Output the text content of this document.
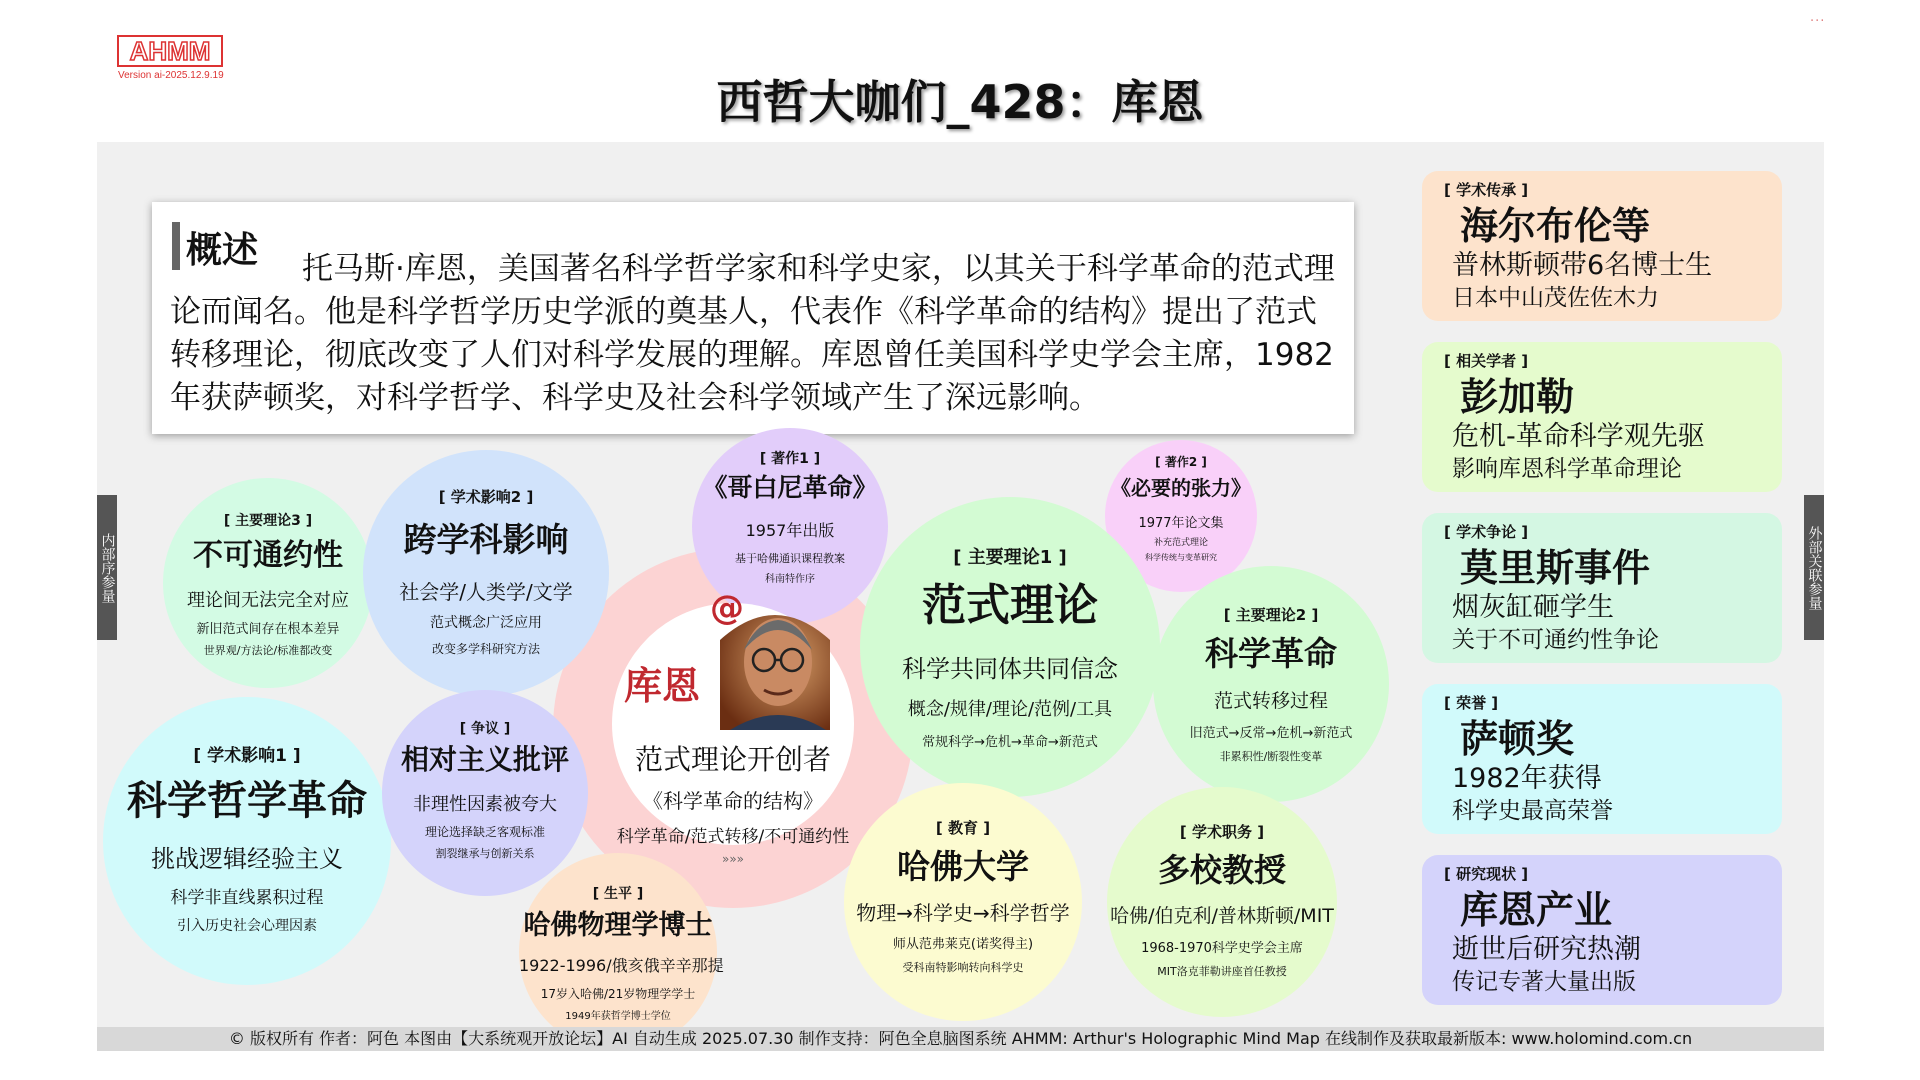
AHMM
Version ai-2025.12.9.19
...
西哲大咖们_428：库恩
概述	托马斯·库恩，美国著名科学哲学家和科学史家，以其关于科学革命的范式理论而闻名。他是科学哲学历史学派的奠基人，代表作《科学革命的结构》提出了范式转移理论，彻底改变了人们对科学发展的理解。库恩曾任美国科学史学会主席，1982年获萨顿奖，对科学哲学、科学史及社会科学领域产生了深远影响。
内部序参量	外部关联参量
[ 著作1 ]
《哥白尼革命》
1957年出版
基于哈佛通识课程教案
科南特作序
[ 著作2 ]
《必要的张力》
1977年论文集
补充范式理论
科学传统与变革研究
[ 主要理论3 ]
不可通约性
理论间无法完全对应
新旧范式间存在根本差异
世界观/方法论/标准都改变
[ 学术影响2 ]
跨学科影响
社会学/人类学/文学
范式概念广泛应用
改变多学科研究方法
[ 主要理论1 ]
范式理论
科学共同体共同信念
概念/规律/理论/范例/工具
常规科学→危机→革命→新范式
[ 主要理论2 ]
科学革命
范式转移过程
旧范式→反常→危机→新范式
非累积性/断裂性变革
[ 学术影响1 ]
科学哲学革命
挑战逻辑经验主义
科学非直线累积过程
引入历史社会心理因素
[ 争议 ]
相对主义批评
非理性因素被夸大
理论选择缺乏客观标准
割裂继承与创新关系
范式理论开创者
《科学革命的结构》
科学革命/范式转移/不可通约性
»»»
@
库恩
[ 生平 ]
哈佛物理学博士
1922-1996/俄亥俄辛辛那提
17岁入哈佛/21岁物理学学士
1949年获哲学博士学位
[ 教育 ]
哈佛大学
物理→科学史→科学哲学
师从范弗莱克(诺奖得主)
受科南特影响转向科学史
[ 学术职务 ]
多校教授
哈佛/伯克利/普林斯顿/MIT
1968-1970科学史学会主席
MIT洛克菲勒讲座首任教授
[ 学术传承 ]
海尔布伦等
普林斯顿带6名博士生
日本中山茂佐佐木力
[ 相关学者 ]
彭加勒
危机-革命科学观先驱
影响库恩科学革命理论
[ 学术争论 ]
莫里斯事件
烟灰缸砸学生
关于不可通约性争论
[ 荣誉 ]
萨顿奖
1982年获得
科学史最高荣誉
[ 研究现状 ]
库恩产业
逝世后研究热潮
传记专著大量出版
© 版权所有 作者：阿色 本图由【大系统观开放论坛】AI 自动生成 2025.07.30 制作支持：阿色全息脑图系统 AHMM: Arthur's Holographic Mind Map 在线制作及获取最新版本: www.holomind.com.cn
